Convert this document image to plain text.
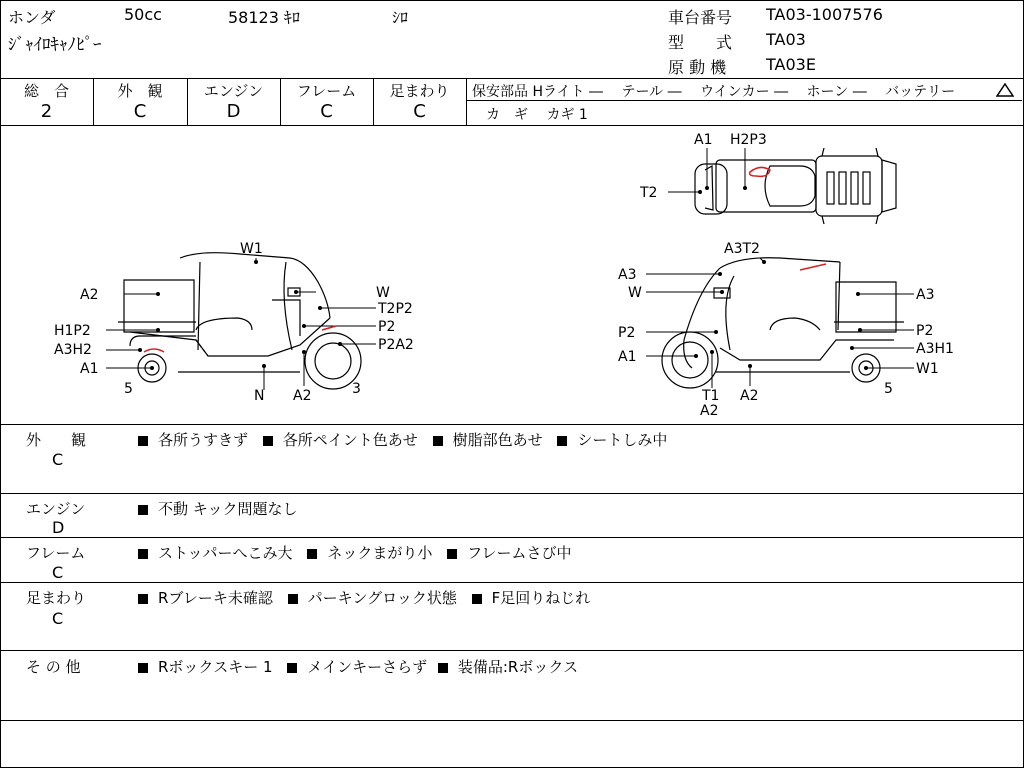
ホンダ	50cc	58123 ｷﾛ	ｼﾛ
ｼﾞｬｲﾛｷｬﾉﾋﾟｰ
車台番号 TA03-1007576
型　　式 TA03
原 動 機 TA03E
総　合
2
外　観
C
エンジン
D
フレーム
C
足まわり
C
保安部品 Hライト ―　 テール ―　 ウインカー ―　 ホーン ―　 バッテリー
カ　ギ　 カギ 1
A1 H2P3
T2
W1
A2	W
T2P2
P2
H1P2
A3H2	P2A2
A1
5	N A2	3
A3T2
A3
W	A3
P2	P2
A1	A3H1
W1
T1
A2
A2	5
外　　観
C
各所うすきず 各所ペイント色あせ 樹脂部色あせ シートしみ中
エンジン
D
不動 キック問題なし
フレーム
C
ストッパーへこみ大 ネックまがり小 フレームさび中
足まわり
C
Rブレーキ未確認 パーキングロック状態 F足回りねじれ
そ の 他	Rボックスキー 1 メインキーさらず 装備品:Rボックス
